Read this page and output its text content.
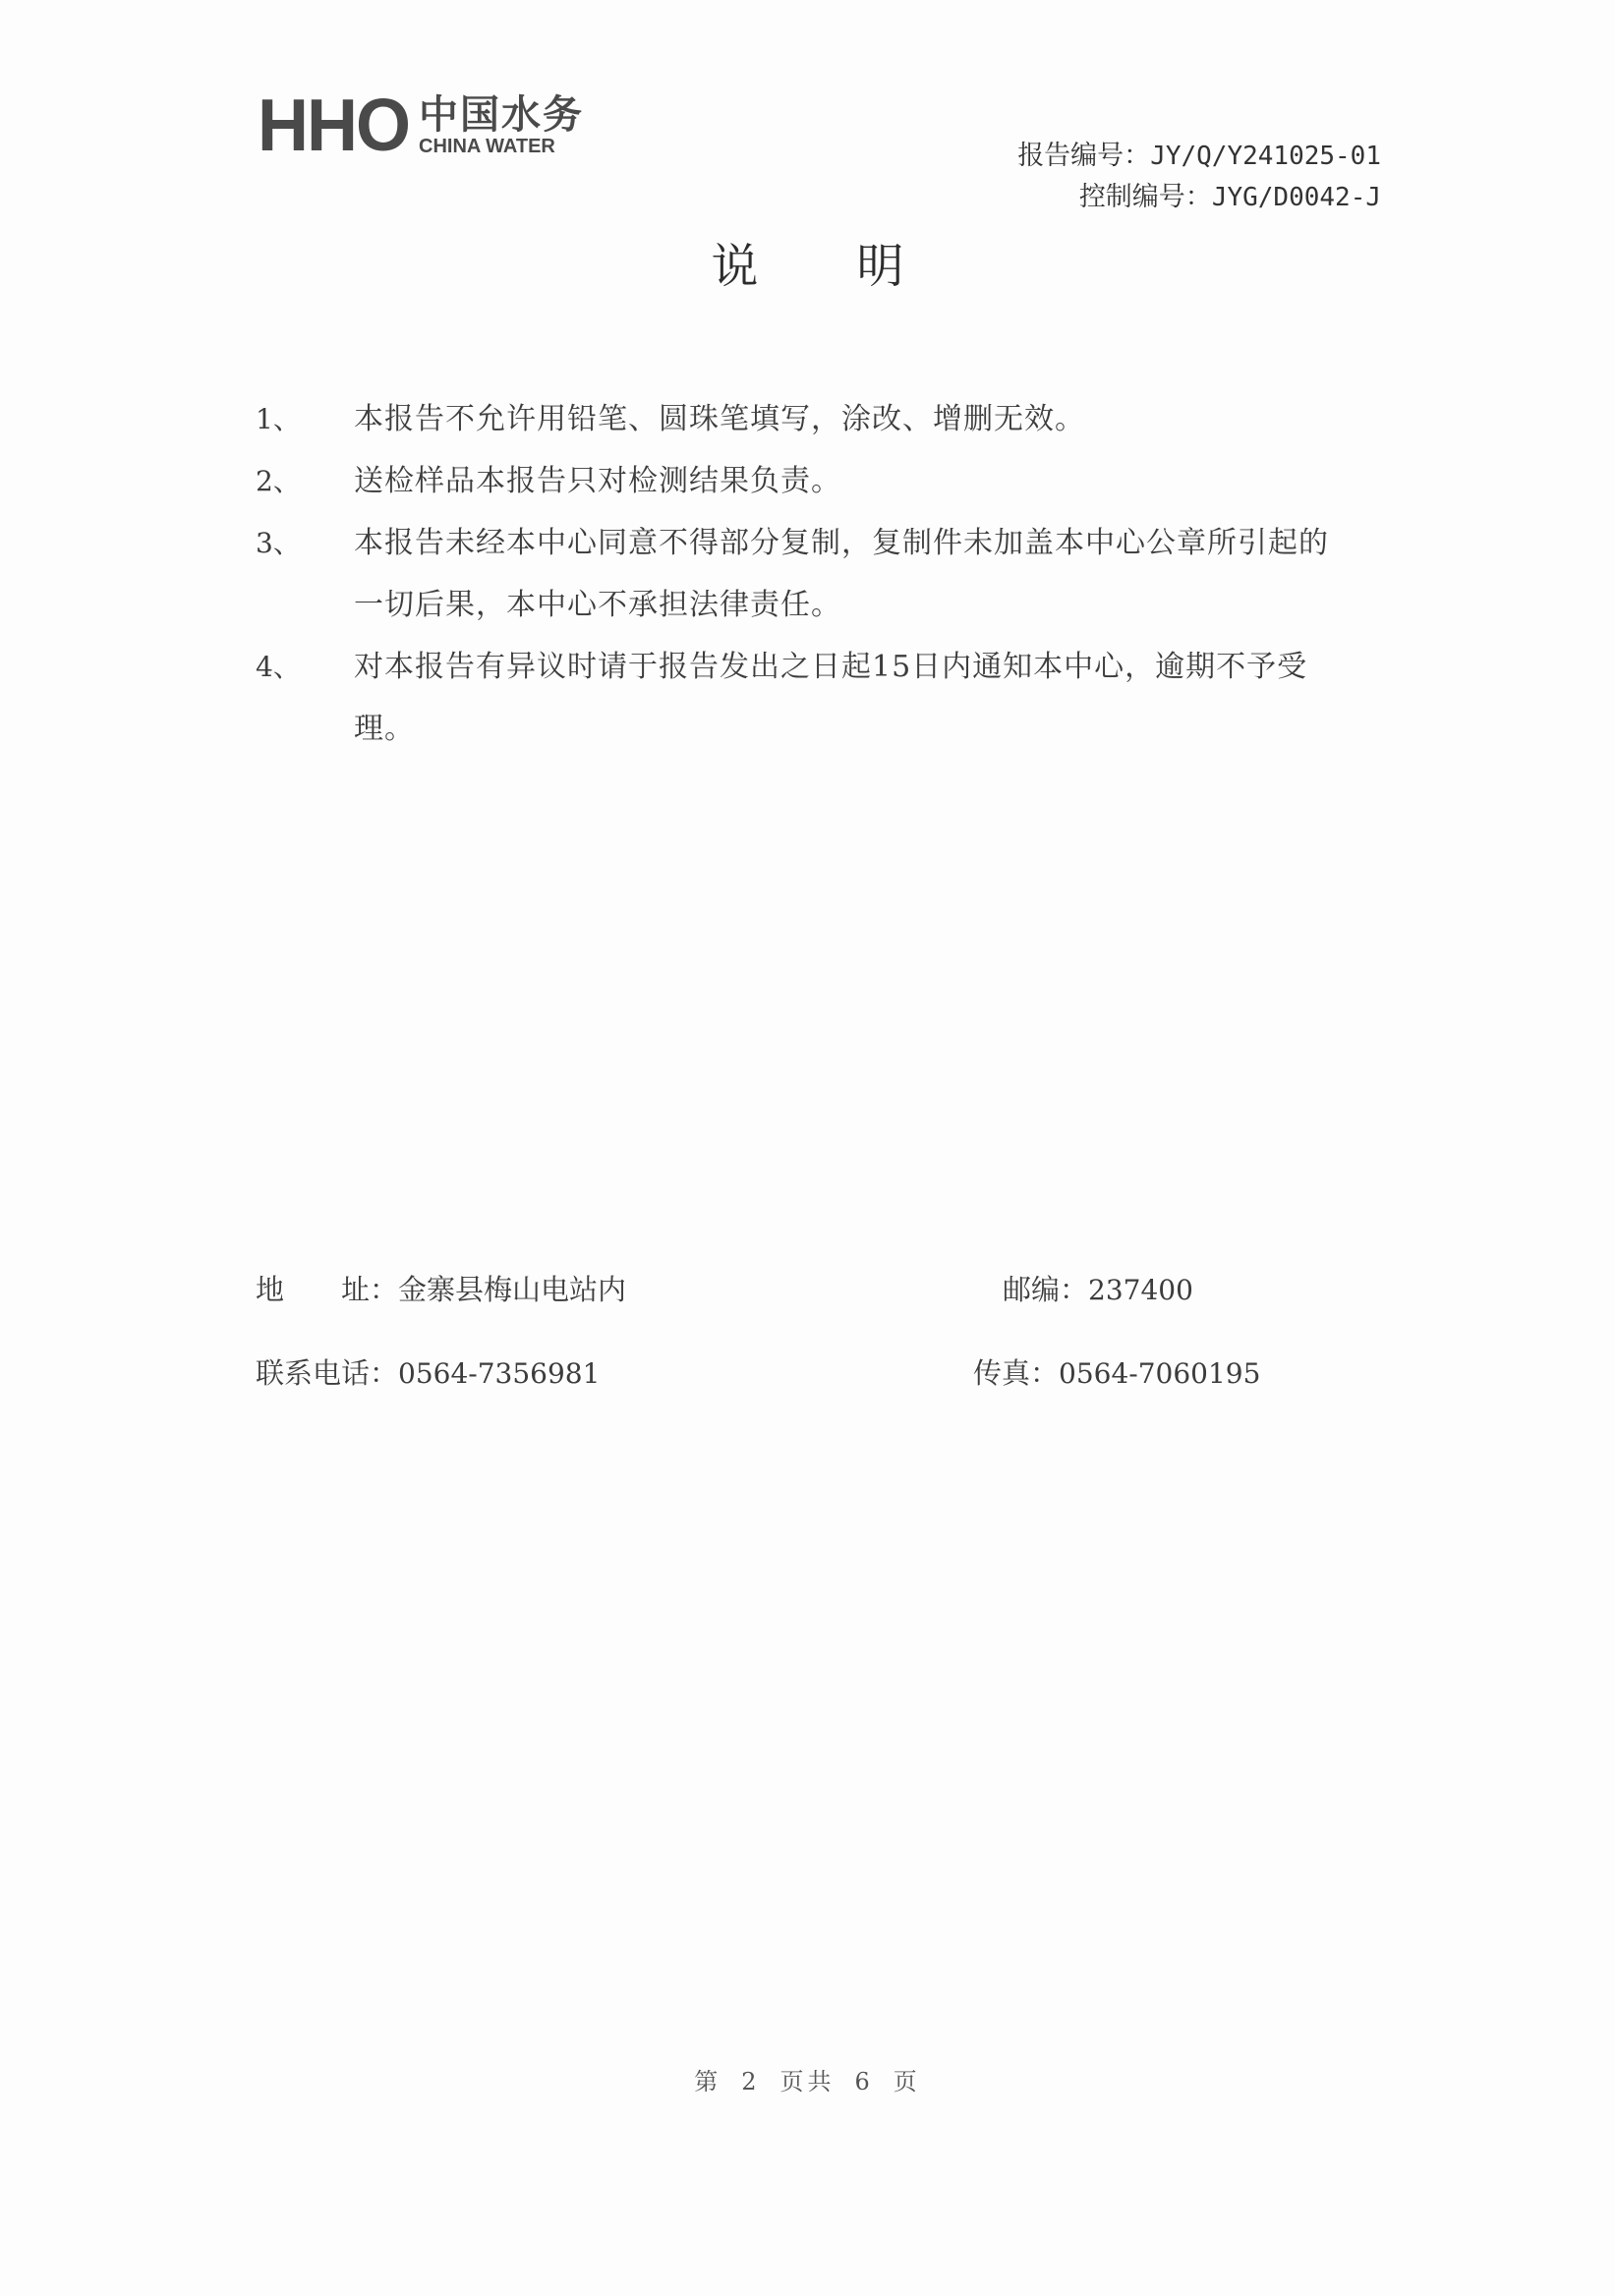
HHO 中国水务
CHINA WATER	报告编号：JY/Q/Y241025-01
控制编号：JYG/D0042-J
说明
1、	本报告不允许用铅笔、圆珠笔填写，涂改、增删无效。
2、	送检样品本报告只对检测结果负责。
3、	本报告未经本中心同意不得部分复制，复制件未加盖本中心公章所引起的
一切后果，本中心不承担法律责任。
4、	对本报告有异议时请于报告发出之日起15日内通知本中心，逾期不予受
理。
地　　址：金寨县梅山电站内	邮编：237400
联系电话：0564-7356981	传真：0564-7060195
第 2 页共 6 页
